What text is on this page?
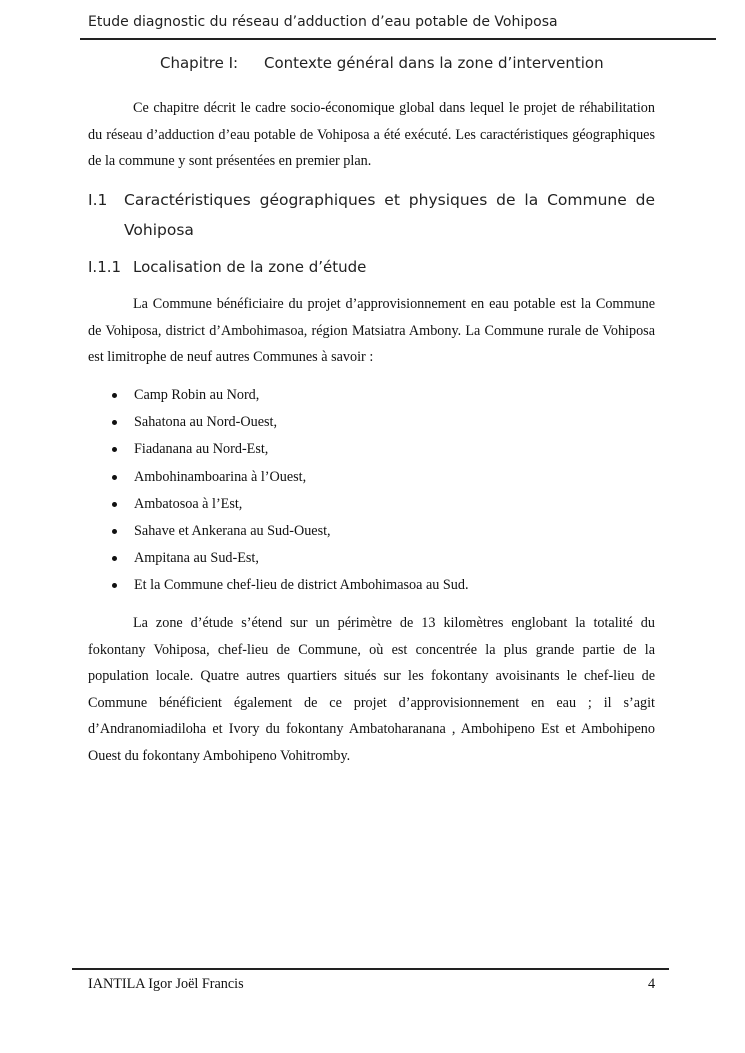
Etude diagnostic du réseau d’adduction d’eau potable de Vohiposa
Chapitre I: Contexte général dans la zone d’intervention

Ce chapitre décrit le cadre socio-économique global dans lequel le projet de réhabilitation du réseau d’adduction d’eau potable de Vohiposa a été exécuté. Les caractéristiques géographiques de la commune y sont présentées en premier plan.

I.1 Caractéristiques géographiques et physiques de la Commune de Vohiposa
I.1.1 Localisation de la zone d’étude

La Commune bénéficiaire du projet d’approvisionnement en eau potable est la Commune de Vohiposa, district d’Ambohimasoa, région Matsiatra Ambony. La Commune rurale de Vohiposa est limitrophe de neuf autres Communes à savoir :

Camp Robin au Nord,
Sahatona au Nord-Ouest,
Fiadanana au Nord-Est,
Ambohinamboarina à l’Ouest,
Ambatosoa à l’Est,
Sahave et Ankerana au Sud-Ouest,
Ampitana au Sud-Est,
Et la Commune chef-lieu de district Ambohimasoa au Sud.

La zone d’étude s’étend sur un périmètre de 13 kilomètres englobant la totalité du fokontany Vohiposa, chef-lieu de Commune, où est concentrée la plus grande partie de la population locale. Quatre autres quartiers situés sur les fokontany avoisinants le chef-lieu de Commune bénéficient également de ce projet d’approvisionnement en eau ; il s’agit d’Andranomiadiloha et Ivory du fokontany Ambatoharanana , Ambohipeno Est et Ambohipeno Ouest du fokontany Ambohipeno Vohitromby.

IANTILA Igor Joël Francis	4
